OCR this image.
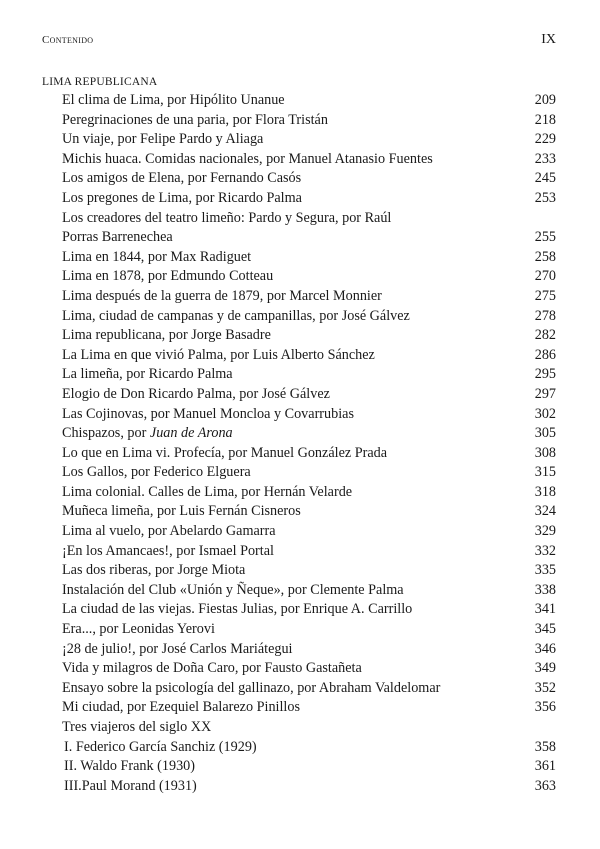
Contenido	IX
LIMA REPUBLICANA
El clima de Lima, por Hipólito Unanue	209
Peregrinaciones de una paria, por Flora Tristán	218
Un viaje, por Felipe Pardo y Aliaga	229
Michis huaca. Comidas nacionales, por Manuel Atanasio Fuentes	233
Los amigos de Elena, por Fernando Casós	245
Los pregones de Lima, por Ricardo Palma	253
Los creadores del teatro limeño: Pardo y Segura, por Raúl
Porras Barrenechea	255
Lima en 1844, por Max Radiguet	258
Lima en 1878, por Edmundo Cotteau	270
Lima después de la guerra de 1879, por Marcel Monnier	275
Lima, ciudad de campanas y de campanillas, por José Gálvez	278
Lima republicana, por Jorge Basadre	282
La Lima en que vivió Palma, por Luis Alberto Sánchez	286
La limeña, por Ricardo Palma	295
Elogio de Don Ricardo Palma, por José Gálvez	297
Las Cojinovas, por Manuel Moncloa y Covarrubias	302
Chispazos, por Juan de Arona	305
Lo que en Lima vi. Profecía, por Manuel González Prada	308
Los Gallos, por Federico Elguera	315
Lima colonial. Calles de Lima, por Hernán Velarde	318
Muñeca limeña, por Luis Fernán Cisneros	324
Lima al vuelo, por Abelardo Gamarra	329
¡En los Amancaes!, por Ismael Portal	332
Las dos riberas, por Jorge Miota	335
Instalación del Club «Unión y Ñeque», por Clemente Palma	338
La ciudad de las viejas. Fiestas Julias, por Enrique A. Carrillo	341
Era..., por Leonidas Yerovi	345
¡28 de julio!, por José Carlos Mariátegui	346
Vida y milagros de Doña Caro, por Fausto Gastañeta	349
Ensayo sobre la psicología del gallinazo, por Abraham Valdelomar	352
Mi ciudad, por Ezequiel Balarezo Pinillos	356
Tres viajeros del siglo XX
I. Federico García Sanchiz (1929)	358
II. Waldo Frank (1930)	361
III.Paul Morand (1931)	363
